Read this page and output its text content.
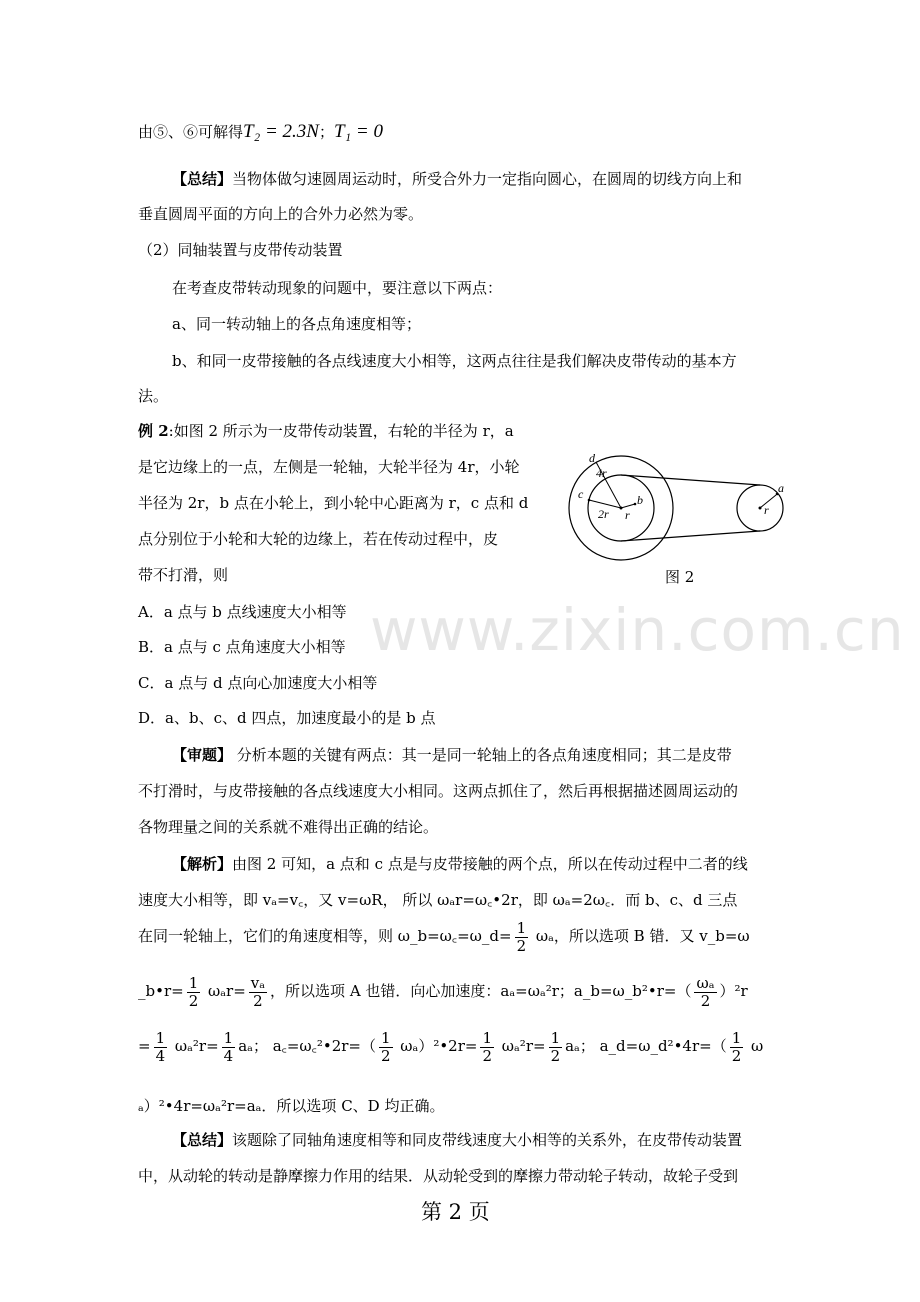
由⑤、⑥可解得T₂ = 2.3N；T₁ = 0
【总结】当物体做匀速圆周运动时，所受合外力一定指向圆心，在圆周的切线方向上和
垂直圆周平面的方向上的合外力必然为零。
（2）同轴装置与皮带传动装置
在考查皮带转动现象的问题中，要注意以下两点：
a、同一转动轴上的各点角速度相等；
b、和同一皮带接触的各点线速度大小相等，这两点往往是我们解决皮带传动的基本方
法。
例 2:如图 2 所示为一皮带传动装置，右轮的半径为 r，a
是它边缘上的一点，左侧是一轮轴，大轮半径为 4r，小轮
半径为 2r，b 点在小轮上，到小轮中心距离为 r，c 点和 d
点分别位于小轮和大轮的边缘上，若在传动过程中，皮
带不打滑，则
d
4r
c	b
2r r
a
r
图 2
A．a 点与 b 点线速度大小相等
B．a 点与 c 点角速度大小相等
C．a 点与 d 点向心加速度大小相等
D．a、b、c、d 四点，加速度最小的是 b 点
www.zixin.com.cn
【审题】 分析本题的关键有两点：其一是同一轮轴上的各点角速度相同；其二是皮带
不打滑时，与皮带接触的各点线速度大小相同。这两点抓住了，然后再根据描述圆周运动的
各物理量之间的关系就不难得出正确的结论。
【解析】由图 2 可知，a 点和 c 点是与皮带接触的两个点，所以在传动过程中二者的线
速度大小相等，即 vₐ=v꜀，又 v=ωR， 所以 ωₐr=ω꜀•2r，即 ωₐ=2ω꜀．而 b、c、d 三点
在同一轮轴上，它们的角速度相等，则 ω_b=ω꜀=ω_d= $\frac{1}{2}$ ωₐ，所以选项 B 错．又 v_b=ω
_b•r= $\frac{1}{2} \omega_ar= \frac{\text{vₐ}}{2}$ ，所以选项 A 也错．向心加速度：aₐ=ωₐ²r；a_b=ω_b²•r=（ $\frac{\text{ωₐ}}{2} )^2r$
= $\frac{1}{4} \omega_a^2r= \frac{1}{4}$ aₐ； a꜀=ω꜀²•2r=（ $\frac{1}{2}$ ωₐ）²•2r= $\frac{1}{2} \omega_a^2r= \frac{1}{2}$ aₐ； a_d=ω_d²•4r=（ $\frac{1}{2}$ ω
ₐ）²•4r=ωₐ²r=aₐ．所以选项 C、D 均正确。
【总结】该题除了同轴角速度相等和同皮带线速度大小相等的关系外，在皮带传动装置
中，从动轮的转动是静摩擦力作用的结果．从动轮受到的摩擦力带动轮子转动，故轮子受到
第 2 页
